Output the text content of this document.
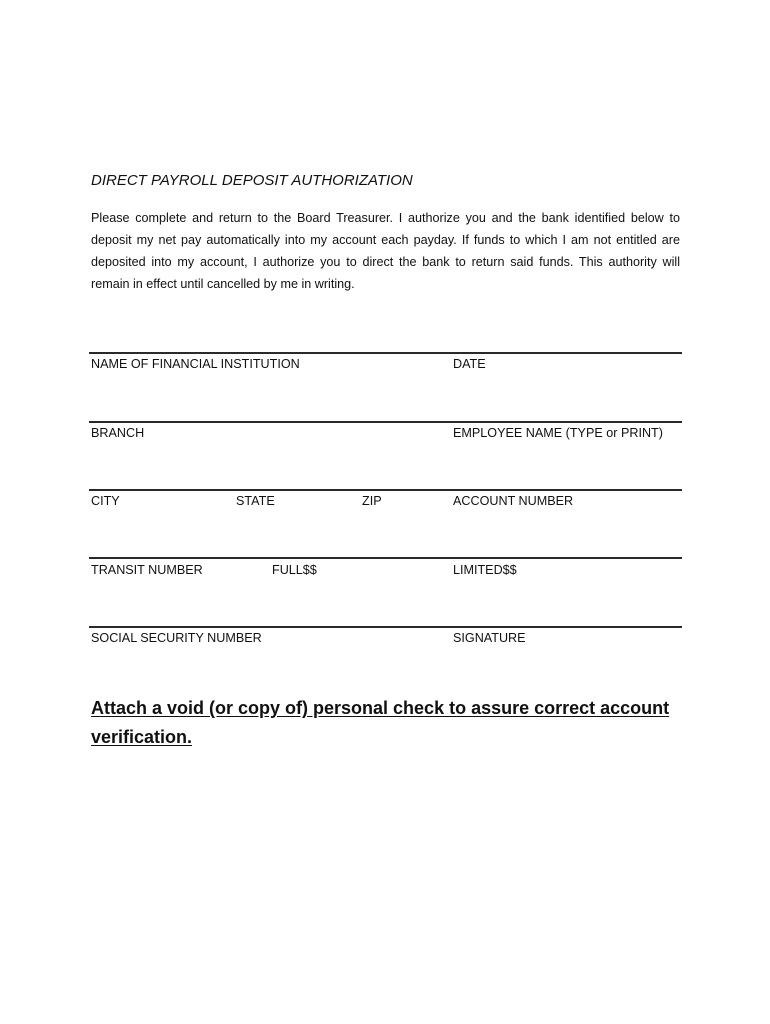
DIRECT PAYROLL DEPOSIT AUTHORIZATION

Please complete and return to the Board Treasurer. I authorize you and the bank identified below to deposit my net pay automatically into my account each payday. If funds to which I am not entitled are deposited into my account, I authorize you to direct the bank to return said funds. This authority will remain in effect until cancelled by me in writing.

NAME OF FINANCIAL INSTITUTION	DATE
BRANCH	EMPLOYEE NAME (TYPE or PRINT)
CITY	STATE	ZIP	ACCOUNT NUMBER
TRANSIT NUMBER	FULL$$	LIMITED$$
SOCIAL SECURITY NUMBER	SIGNATURE

Attach a void (or copy of) personal check to assure correct account verification.
